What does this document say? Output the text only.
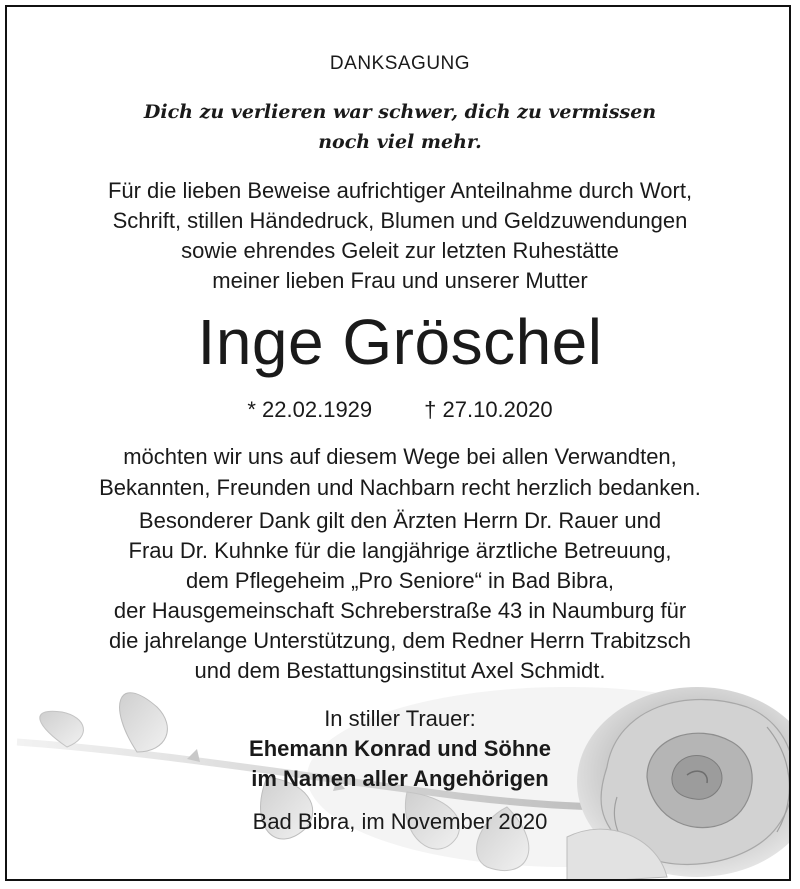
DANKSAGUNG
Dich zu verlieren war schwer, dich zu vermissen
noch viel mehr.
Für die lieben Beweise aufrichtiger Anteilnahme durch Wort,
Schrift, stillen Händedruck, Blumen und Geldzuwendungen
sowie ehrendes Geleit zur letzten Ruhestätte
meiner lieben Frau und unserer Mutter
Inge Gröschel
* 22.02.1929 † 27.10.2020
möchten wir uns auf diesem Wege bei allen Verwandten,
Bekannten, Freunden und Nachbarn recht herzlich bedanken.
Besonderer Dank gilt den Ärzten Herrn Dr. Rauer und
Frau Dr. Kuhnke für die langjährige ärztliche Betreuung,
dem Pflegeheim „Pro Seniore“ in Bad Bibra,
der Hausgemeinschaft Schreberstraße 43 in Naumburg für
die jahrelange Unterstützung, dem Redner Herrn Trabitzsch
und dem Bestattungsinstitut Axel Schmidt.
In stiller Trauer:
Ehemann Konrad und Söhne
im Namen aller Angehörigen
Bad Bibra, im November 2020
